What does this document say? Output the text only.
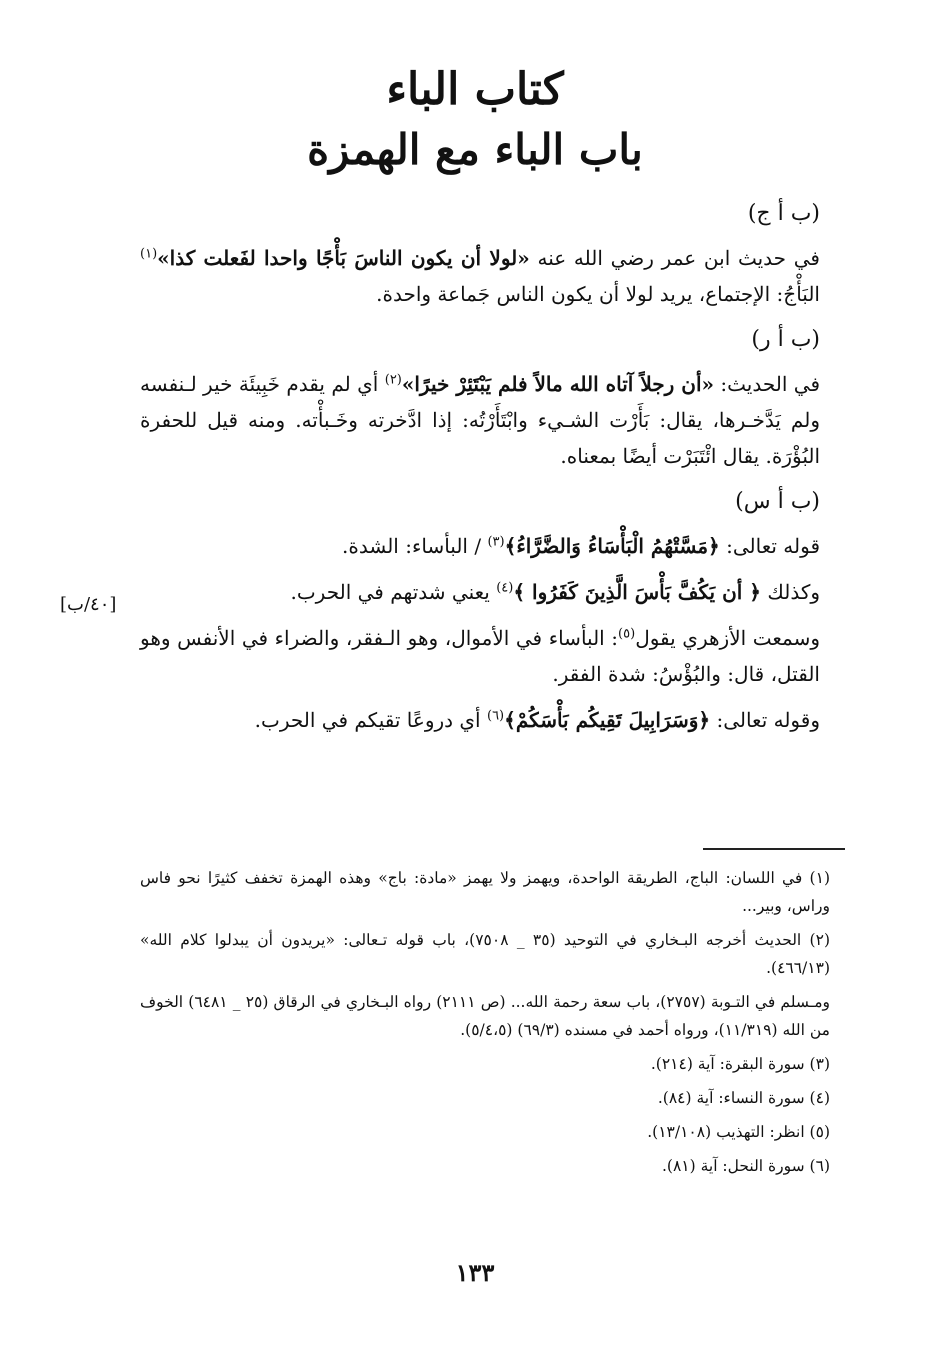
كتاب الباء
باب الباء مع الهمزة
(ب أ ج)

في حديث ابن عمر رضي الله عنه «لولا أن يكون الناسَ بَأْجًا واحدا لفَعلت كذا»$^{(١)}$ البَأْجُ: الإجتماع، يريد لولا أن يكون الناس جَماعة واحدة.

(ب أ ر)

في الحديث: «أن رجلاً آتاه الله مالاً فلم يَبْتَئِرْ خيرًا»$^{(٢)}$ أي لم يقدم خَبِيئَة خير لـنفسه ولم يَدَّخـرها، يقال: بَأَرْت الشـيء وابْتَأَرْتُه: إذا ادَّخرته وخَـبأْته. ومنه قيل للحفرة البُؤْرَة. يقال ائْتَبَرْت أيضًا بمعناه.

(ب أ س)

قوله تعالى: ﴿مَسَّتْهُمُ الْبَأْسَاءُ وَالضَّرَّاءُ﴾$^{(٣)}$ / البأساء: الشدة.

وكذلك ﴿ أن يَكُفَّ بَأْسَ الَّذِينَ كَفَرُوا ﴾$^{(٤)}$ يعني شدتهم في الحرب.

وسمعت الأزهري يقول$^{(٥)}$: البأساء في الأموال، وهو الـفقر، والضراء في الأنفس وهو القتل، قال: والبُؤْسُ: شدة الفقر.

وقوله تعالى: ﴿وَسَرَابِيلَ تَقِيكُم بَأْسَكُمْ﴾$^{(٦)}$ أي دروعًا تقيكم في الحرب.

[٤٠/ب]

(١) في اللسان: الباج، الطريقة الواحدة، ويهمز ولا يهمز «مادة: باج» وهذه الهمزة تخفف كثيرًا نحو فاس وراس، وبير...

(٢) الحديث أخرجه البـخاري في التوحيد (٣٥ _ ٧٥٠٨)، باب قوله تـعالى: «يريدون أن يبدلوا كلام الله» (٤٦٦/١٣).

ومـسلم في التـوبة (٢٧٥٧)، باب سعة رحمة الله... (ص ٢١١١) رواه البـخاري في الرقاق (٢٥ _ ٦٤٨١) الخوف من الله (١١/٣١٩)، ورواه أحمد في مسنده (٦٩/٣) (٥/٤،٥).

(٣) سورة البقرة: آية (٢١٤).

(٤) سورة النساء: آية (٨٤).

(٥) انظر: التهذيب (١٣/١٠٨).

(٦) سورة النحل: آية (٨١).

١٣٣
